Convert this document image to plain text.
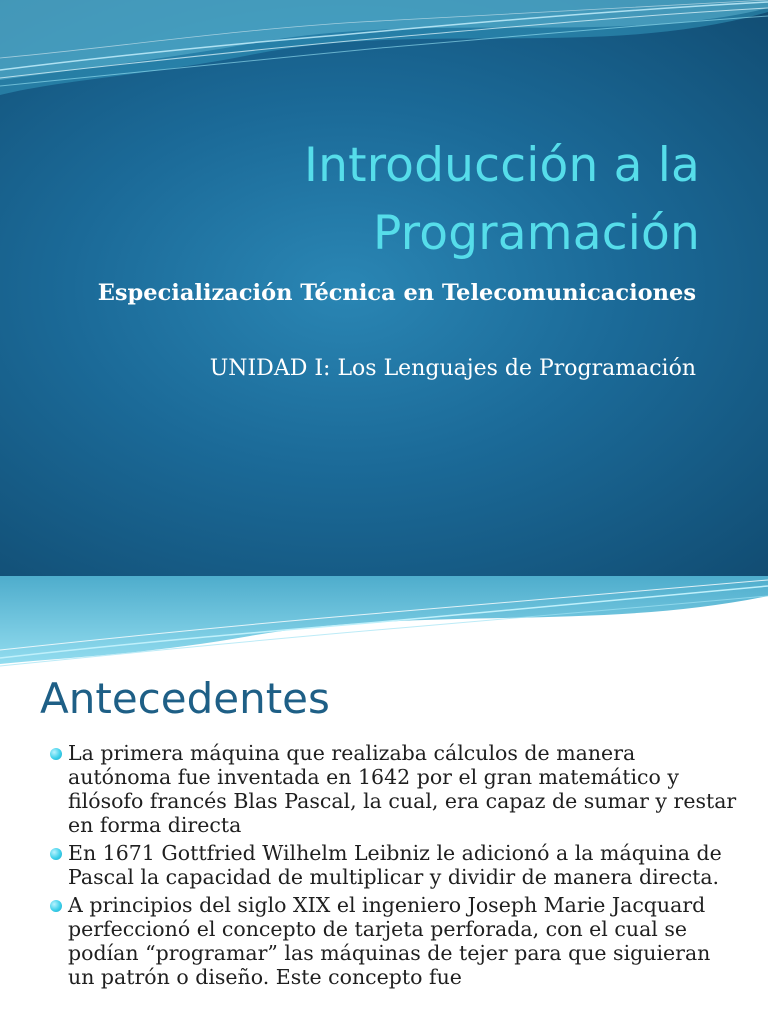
Introducción a la
Programación

Especialización Técnica en Telecomunicaciones

UNIDAD I: Los Lenguajes de Programación

Antecedentes
La primera máquina que realizaba cálculos de manera autónoma fue inventada en 1642 por el gran matemático y filósofo francés Blas Pascal, la cual, era capaz de sumar y restar en forma directa
En 1671 Gottfried Wilhelm Leibniz le adicionó a la máquina de Pascal la capacidad de multiplicar y dividir de manera directa.
A principios del siglo XIX el ingeniero Joseph Marie Jacquard perfeccionó el concepto de tarjeta perforada, con el cual se podían “programar” las máquinas de tejer para que siguieran un patrón o diseño. Este concepto fue
